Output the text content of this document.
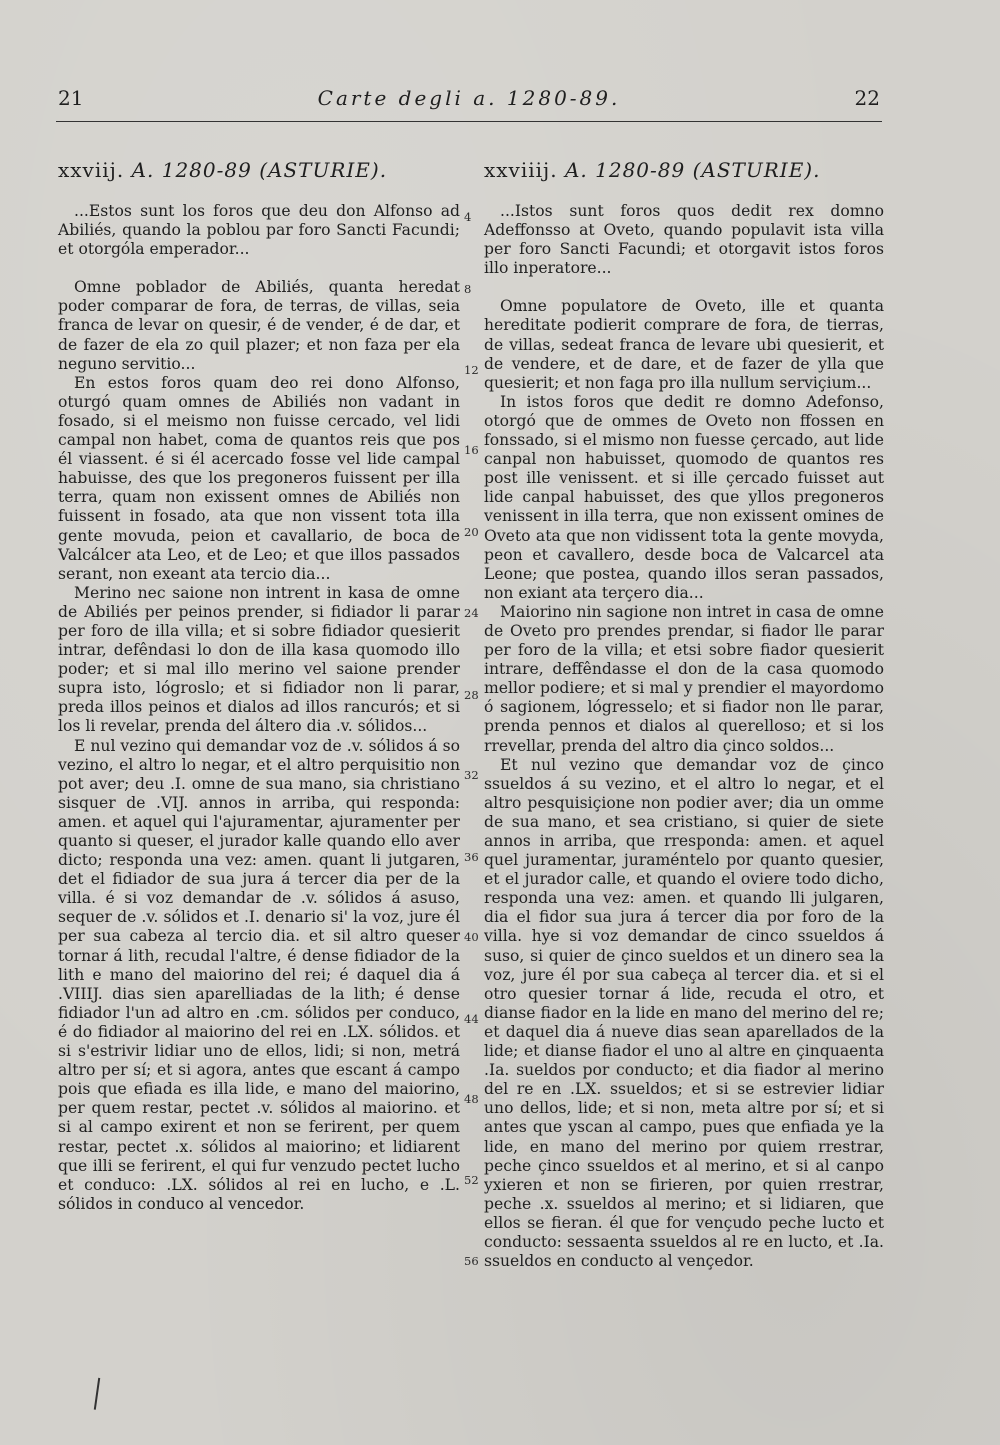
21	Carte degli a. 1280-89.	22
xxviij. A. 1280-89 (ASTURIE).

...Estos sunt los foros que deu don Alfonso ad Abiliés, quando la poblou par foro Sancti Facundi; et otorgóla emperador...

Omne poblador de Abiliés, quanta heredat poder comparar de fora, de terras, de villas, seia franca de levar on quesir, é de vender, é de dar, et de fazer de ela zo quil plazer; et non faza per ela neguno servitio...

En estos foros quam deo rei dono Alfonso, oturgó quam omnes de Abiliés non vadant in fosado, si el meismo non fuisse cercado, vel lidi campal non habet, coma de quantos reis que pos él viassent. é si él acercado fosse vel lide campal habuisse, des que los pregoneros fuissent per illa terra, quam non exissent omnes de Abiliés non fuissent in fosado, ata que non vissent tota illa gente movuda, peion et cavallario, de boca de Valcálcer ata Leo, et de Leo; et que illos passados serant, non exeant ata tercio dia...

Merino nec saione non intrent in kasa de omne de Abiliés per peinos prender, si fidiador li parar per foro de illa villa; et si sobre fidiador quesierit intrar, defêndasi lo don de illa kasa quomodo illo poder; et si mal illo merino vel saione prender supra isto, lógroslo; et si fidiador non li parar, preda illos peinos et dialos ad illos rancurós; et si los li revelar, prenda del áltero dia .v. sólidos...

E nul vezino qui demandar voz de .v. sólidos á so vezino, el altro lo negar, et el altro perquisitio non pot aver; deu .I. omne de sua mano, sia christiano sisquer de .VIJ. annos in arriba, qui responda: amen. et aquel qui l'ajuramentar, ajuramenter per quanto si queser, el jurador kalle quando ello aver dicto; responda una vez: amen. quant li jutgaren, det el fidiador de sua jura á tercer dia per de la villa. é si voz demandar de .v. sólidos á asuso, sequer de .v. sólidos et .I. denario si' la voz, jure él per sua cabeza al tercio dia. et sil altro queser tornar á lith, recudal l'altre, é dense fidiador de la lith e mano del maiorino del rei; é daquel dia á .VIIIJ. dias sien aparelliadas de la lith; é dense fidiador l'un ad altro en .cm. sólidos per conduco, é do fidiador al maiorino del rei en .LX. sólidos. et si s'estrivir lidiar uno de ellos, lidi; si non, metrá altro per sí; et si agora, antes que escant á campo pois que efiada es illa lide, e mano del maiorino, per quem restar, pectet .v. sólidos al maiorino. et si al campo exirent et non se ferirent, per quem restar, pectet .x. sólidos al maiorino; et lidiarent que illi se ferirent, el qui fur venzudo pectet lucho et conduco: .LX. sólidos al rei en lucho, e .L. sólidos in conduco al vencedor.

4
8
12
16
20
24
28
32
36
40
44
48
52
56
xxviiij. A. 1280-89 (ASTURIE).

...Istos sunt foros quos dedit rex domno Adeffonsso at Oveto, quando populavit ista villa per foro Sancti Facundi; et otorgavit istos foros illo inperatore...

Omne populatore de Oveto, ille et quanta hereditate podierit comprare de fora, de tierras, de villas, sedeat franca de levare ubi quesierit, et de vendere, et de dare, et de fazer de ylla que quesierit; et non faga pro illa nullum serviçium...

In istos foros que dedit re domno Adefonso, otorgó que de ommes de Oveto non ffossen en fonssado, si el mismo non fuesse çercado, aut lide canpal non habuisset, quomodo de quantos res post ille venissent. et si ille çercado fuisset aut lide canpal habuisset, des que yllos pregoneros venissent in illa terra, que non exissent omines de Oveto ata que non vidissent tota la gente movyda, peon et cavallero, desde boca de Valcarcel ata Leone; que postea, quando illos seran passados, non exiant ata terçero dia...

Maiorino nin sagione non intret in casa de omne de Oveto pro prendes prendar, si fiador lle parar per foro de la villa; et etsi sobre fiador quesierit intrare, deffêndasse el don de la casa quomodo mellor podiere; et si mal y prendier el mayordomo ó sagionem, lógresselo; et si fiador non lle parar, prenda pennos et dialos al querelloso; et si los rrevellar, prenda del altro dia çinco soldos...

Et nul vezino que demandar voz de çinco ssueldos á su vezino, et el altro lo negar, et el altro pesquisiçione non podier aver; dia un omme de sua mano, et sea cristiano, si quier de siete annos in arriba, que rresponda: amen. et aquel quel juramentar, juraméntelo por quanto quesier, et el jurador calle, et quando el oviere todo dicho, responda una vez: amen. et quando lli julgaren, dia el fidor sua jura á tercer dia por foro de la villa. hye si voz demandar de cinco ssueldos á suso, si quier de çinco sueldos et un dinero sea la voz, jure él por sua cabeça al tercer dia. et si el otro quesier tornar á lide, recuda el otro, et dianse fiador en la lide en mano del merino del re; et daquel dia á nueve dias sean aparellados de la lide; et dianse fiador el uno al altre en çinquaenta .Ia. sueldos por conducto; et dia fiador al merino del re en .LX. ssueldos; et si se estrevier lidiar uno dellos, lide; et si non, meta altre por sí; et si antes que yscan al campo, pues que enfiada ye la lide, en mano del merino por quiem rrestrar, peche çinco ssueldos et al merino, et si al canpo yxieren et non se firieren, por quien rrestrar, peche .x. ssueldos al merino; et si lidiaren, que ellos se fieran. él que for vençudo peche lucto et conducto: sessaenta ssueldos al re en lucto, et .Ia. ssueldos en conducto al vençedor.
